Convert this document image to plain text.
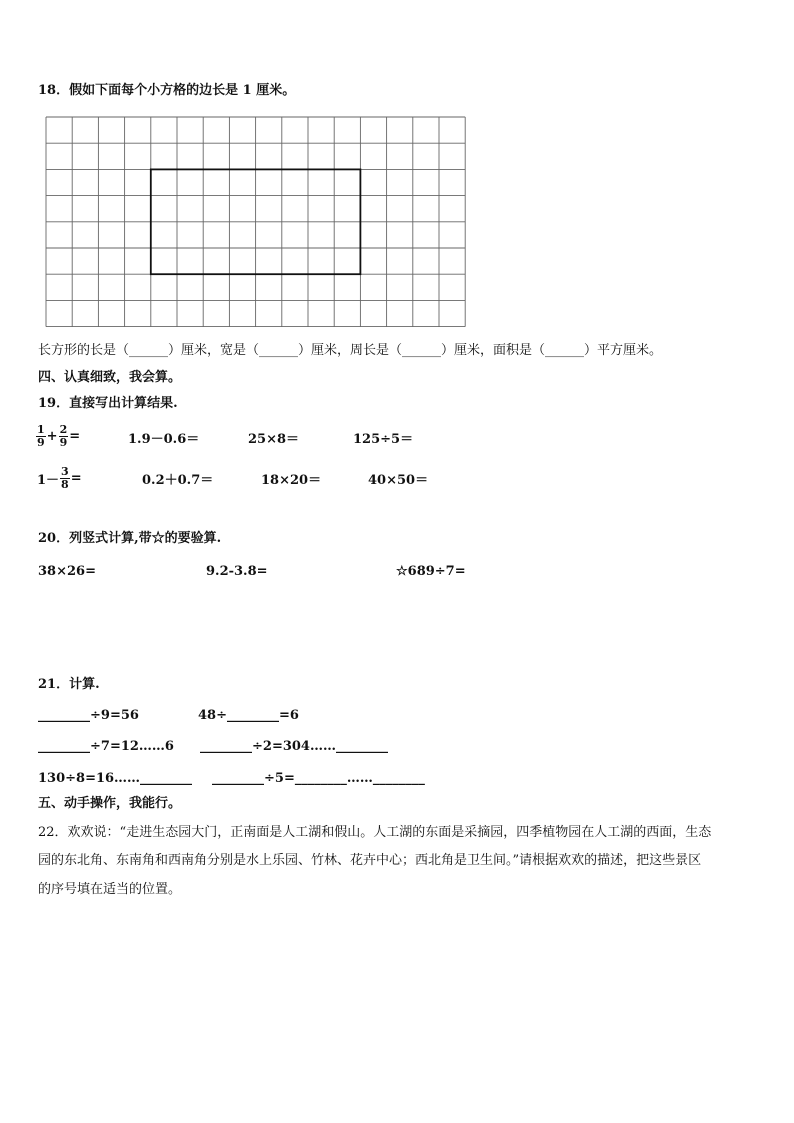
18．假如下面每个小方格的边长是 1 厘米。
长方形的长是（______）厘米，宽是（______）厘米，周长是（______）厘米，面积是（______）平方厘米。
四、认真细致，我会算。
19．直接写出计算结果.
$\frac{1}{9} + \frac{2}{9}$ =	1.9－0.6＝	25×8＝	125÷5＝
$1- \frac{3}{8}$ =	0.2＋0.7＝	18×20＝	40×50＝
20．列竖式计算,带☆的要验算.
38×26=	9.2-3.8=	☆689÷7=
21．计算.
________÷9=56	48÷________=6
________÷7=12……6 ________÷2=304……________
130÷8=16……________ ________÷5=________……________
五、动手操作，我能行。
22．欢欢说：“走进生态园大门，正南面是人工湖和假山。人工湖的东面是采摘园，四季植物园在人工湖的西面，生态
园的东北角、东南角和西南角分别是水上乐园、竹林、花卉中心；西北角是卫生间。”请根据欢欢的描述，把这些景区
的序号填在适当的位置。
